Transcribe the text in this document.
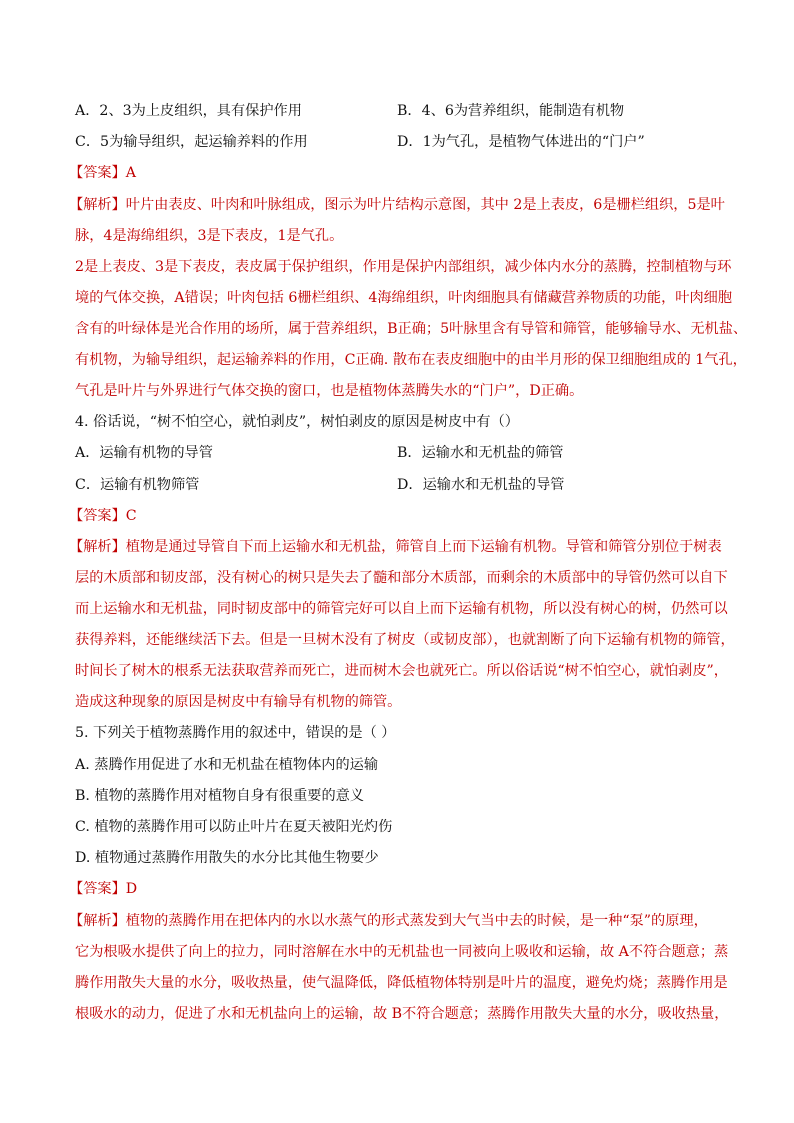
A．2、3为上皮组织，具有保护作用	B．4、6为营养组织，能制造有机物
C．5为输导组织，起运输养料的作用	D．1为气孔，是植物气体进出的“门户”
【答案】A
【解析】叶片由表皮、叶肉和叶脉组成，图示为叶片结构示意图，其中 2是上表皮，6是栅栏组织，5是叶
脉，4是海绵组织，3是下表皮，1是气孔。
2是上表皮、3是下表皮，表皮属于保护组织，作用是保护内部组织，减少体内水分的蒸腾，控制植物与环
境的气体交换，A错误；叶肉包括 6栅栏组织、4海绵组织，叶肉细胞具有储藏营养物质的功能，叶肉细胞
含有的叶绿体是光合作用的场所，属于营养组织，B正确；5叶脉里含有导管和筛管，能够输导水、无机盐、
有机物，为输导组织，起运输养料的作用，C正确. 散布在表皮细胞中的由半月形的保卫细胞组成的 1气孔，
气孔是叶片与外界进行气体交换的窗口，也是植物体蒸腾失水的“门户”，D正确。
4. 俗话说，“树不怕空心，就怕剥皮”，树怕剥皮的原因是树皮中有（）
A．运输有机物的导管	B．运输水和无机盐的筛管
C．运输有机物筛管	D．运输水和无机盐的导管
【答案】C
【解析】植物是通过导管自下而上运输水和无机盐，筛管自上而下运输有机物。导管和筛管分别位于树表
层的木质部和韧皮部，没有树心的树只是失去了髓和部分木质部，而剩余的木质部中的导管仍然可以自下
而上运输水和无机盐，同时韧皮部中的筛管完好可以自上而下运输有机物，所以没有树心的树，仍然可以
获得养料，还能继续活下去。但是一旦树木没有了树皮（或韧皮部），也就割断了向下运输有机物的筛管，
时间长了树木的根系无法获取营养而死亡，进而树木会也就死亡。所以俗话说“树不怕空心，就怕剥皮”，
造成这种现象的原因是树皮中有输导有机物的筛管。
5. 下列关于植物蒸腾作用的叙述中，错误的是（ ）
A. 蒸腾作用促进了水和无机盐在植物体内的运输
B. 植物的蒸腾作用对植物自身有很重要的意义
C. 植物的蒸腾作用可以防止叶片在夏天被阳光灼伤
D. 植物通过蒸腾作用散失的水分比其他生物要少
【答案】D
【解析】植物的蒸腾作用在把体内的水以水蒸气的形式蒸发到大气当中去的时候，是一种“泵”的原理，
它为根吸水提供了向上的拉力，同时溶解在水中的无机盐也一同被向上吸收和运输，故 A不符合题意；蒸
腾作用散失大量的水分，吸收热量，使气温降低，降低植物体特别是叶片的温度，避免灼烧；蒸腾作用是
根吸水的动力，促进了水和无机盐向上的运输，故 B不符合题意；蒸腾作用散失大量的水分，吸收热量，
